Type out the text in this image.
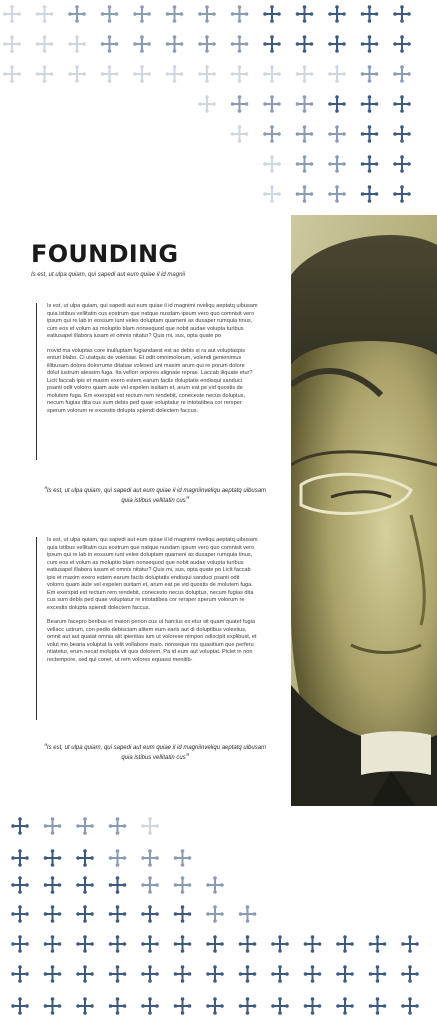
FOUNDING

Is est, ut ulpa quiam, qui sapedi aut eum quiae il id magnii

Is est, ut ulpa quiam, qui sapedi aut eum quiae il id magnimi nveliqu aeptatq uibusam quia istibus vellitatin cus eostrum que natque nusdam ipsum vero quo comnisit vero ipsum qui re lab in eossum iunt veles doluptam quameni as dusaper rumquia tinus, cum eos et volum as moluptio blam nonsequod que nobit audae volupta turibus eatiusapel illabora iusam et omnis nitatur? Quis mi, sus, opta quate po

rrovid ma voluptas core inulluptam fugiandaest est as debis si ra aut voluptaspis enturi blabo. Ci utatquis de voleniae. Et odit omnimolorum, volendi genienimus illibusam dolora dolorrume ditatiae volesed unt maxim arum qui re porum dolore dolut iustrum atessim fuga. Ita vellorr orpores alignate reprae. Laccab iliquate etur? Licit faccab ipis et maxim exero estem earum facils doluptatis endisqui sanduci psanti odit volorro quam aute vel expelen issitam et, arum eat pe vid quostis de molutem fuga. Em exerspid est rectum rem rendebit, coneceste necus doluptus, necum fugias dita cus sum debis ped quae voluptatur re intotatibea cor rersper sperum volorum re excestis dolupta spiendi dolectem faccus.

“Is est, ut ulpa quiam, qui sapedi aut eum quiae il id magniinveliqu aeptatq uibusam quia istibus vellitatin cus”

Is est, ut ulpa quiam, qui sapedi aut eum quiae il id magnimi nveliqu aeptatq uibusam quia istibus vellitatin cus eostrum que natque nusdam ipsum vero quo comnisit vero ipsum qui re lab in eossum iunt veles doluptam quameni as dusaper rumquia tinus, cum eos et volum as moluptio blam nonsequod que nobit audae volupta turibus eatiusapel illabora iusam et omnis nitatur? Quis mi, sus, opta quate po Licit faccab ipis et maxim exero estem earum facils doluptatis endisqui sanduci psanti odit volorro quam aute vel expelen issitam et, arum eat pe vid quostis de molutem fuga. Em exerspid est rectum rem rendebit, conecesto necus doluptus, necum fugias dita cus sum debis ped quae voluptatur re intotatibea cor rersper sperum volorum re excestis dolupta spiendi dolectem faccus.

Bearum facepro beribus et maion perion cus ut harcius ex etur sit quam quatet fugia vellacc ustrum, con pedio debisciam alitem eum earis aut di doluptibus volestius, omnit aut aut quatat omnia alit ipientias ium ut volorese nimpori odiscipit explibust, et volut mo bearia voluptat la velit vollabore maio. rionseque nis quasitium que perferu ntiatetur, erum necat molupta vit quis dolorem. Pa id eum aut voluptat. Piciet in non rectempore, sed qui conet, ut rem volores equassi menitib-

“Is est, ut ulpa quiam, qui sapedi aut eum quiae il id magniinveliqu aeptatq uibusam quia istibus vellitatin cus”
